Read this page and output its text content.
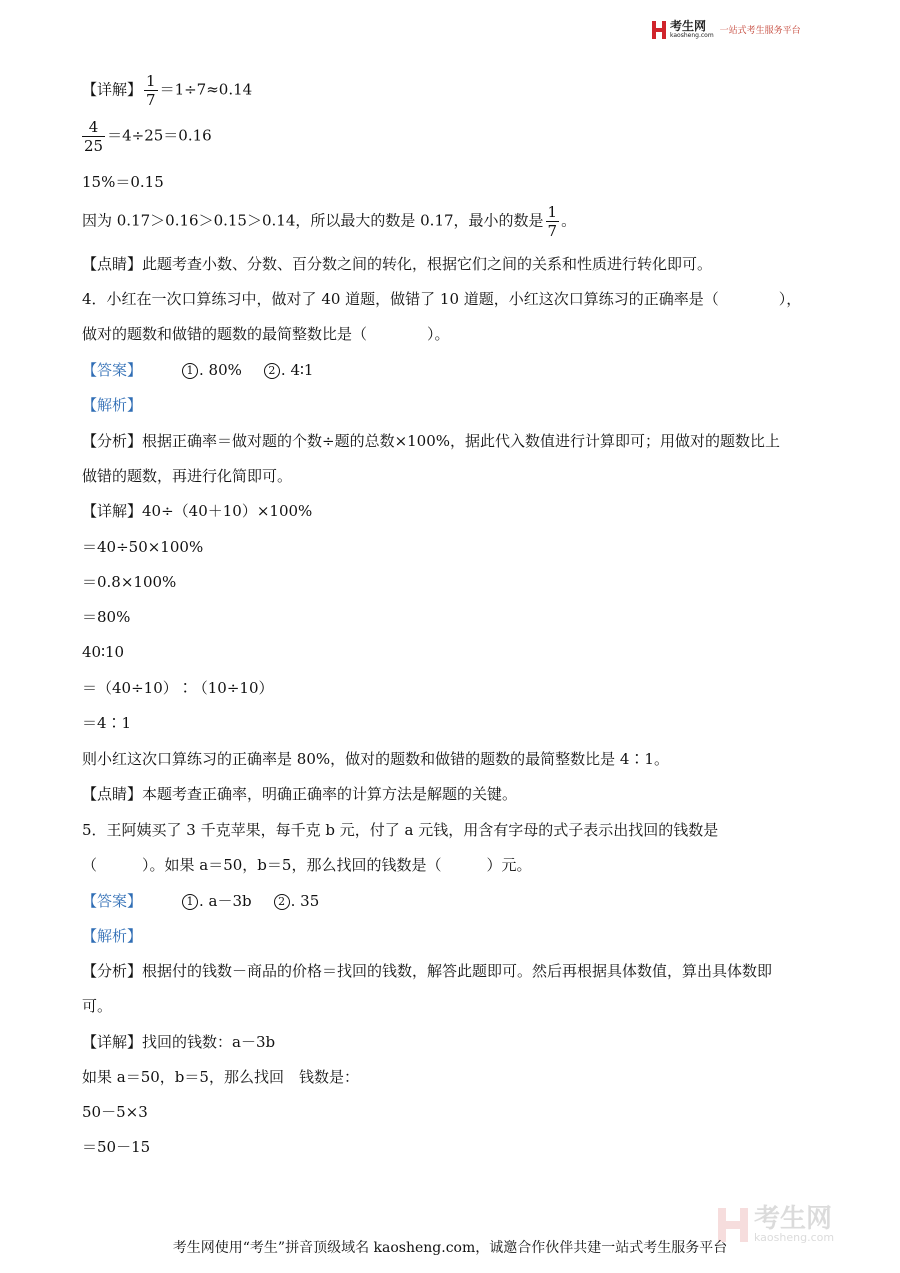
考生网
kaosheng.com 一站式考生服务平台
【详解】 $\frac{1}{7} =1\div 7\approx 0.14$
$\frac{4}{25} =4\div 25=0.16$
15%＝0.15
因为 0.17＞0.16＞0.15＞0.14，所以最大的数是 0.17，最小的数是 $\frac{1}{7}$ 。
【点睛】此题考查小数、分数、百分数之间的转化，根据它们之间的关系和性质进行转化即可。
4．小红在一次口算练习中，做对了 40 道题，做错了 10 道题，小红这次口算练习的正确率是（　　　　），
做对的题数和做错的题数的最简整数比是（　　　　）。
【答案】	1 . 80% 2 . 4∶1
【解析】
【分析】根据正确率＝做对题的个数÷题的总数×100%，据此代入数值进行计算即可；用做对的题数比上
做错的题数，再进行化简即可。
【详解】40÷（40＋10）×100%
＝40÷50×100%
＝0.8×100%
＝80%
40∶10
＝（40÷10）∶（10÷10）
＝4∶1
则小红这次口算练习的正确率是 80%，做对的题数和做错的题数的最简整数比是 4∶1。
【点睛】本题考查正确率，明确正确率的计算方法是解题的关键。
5．王阿姨买了 3 千克苹果，每千克 b 元，付了 a 元钱，用含有字母的式子表示出找回的钱数是
（　　　）。如果 a＝50，b＝5，那么找回的钱数是（　　　）元。
【答案】	1 . a－3b 2 . 35
【解析】
【分析】根据付的钱数－商品的价格＝找回的钱数，解答此题即可。然后再根据具体数值，算出具体数即
可。
【详解】找回的钱数：a－3b
如果 a＝50，b＝5，那么找回　钱数是：
50－5×3
＝50－15
考生网
kaosheng.com
考生网使用“考生”拼音顶级域名 kaosheng.com，诚邀合作伙伴共建一站式考生服务平台
